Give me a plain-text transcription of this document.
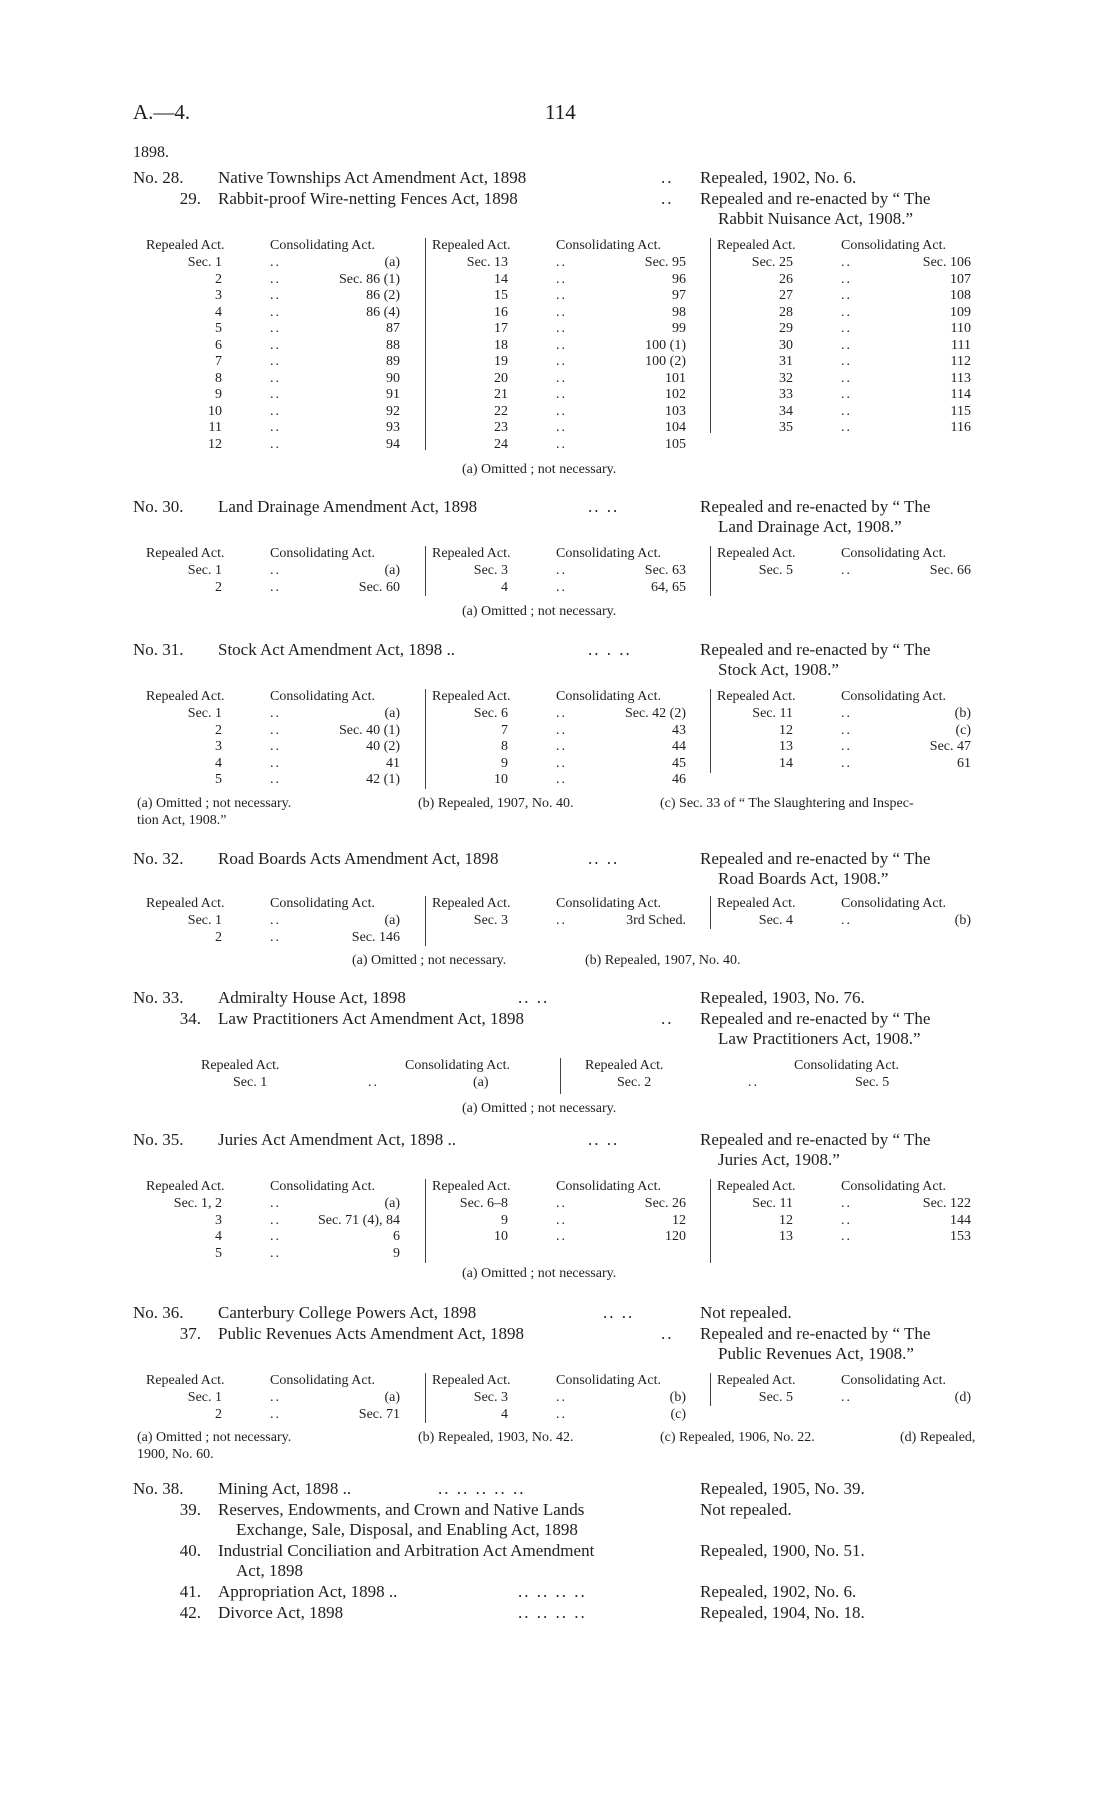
A.—4.	114
1898.
No. 28.	Native Townships Act Amendment Act, 1898	..	Repealed, 1902, No. 6.
29. Rabbit-proof Wire-netting Fences Act, 1898	..	Repealed and re-enacted by “ The
Rabbit Nuisance Act, 1908.”
Repealed Act.	Consolidating Act.
Sec. 1	..	(a)
2	..	Sec. 86 (1)
3	..	86 (2)
4	..	86 (4)
5	..	87
6	..	88
7	..	89
8	..	90
9	..	91
10	..	92
11	..	93
12	..	94
Repealed Act.	Consolidating Act.
Sec. 13	..	Sec. 95
14	..	96
15	..	97
16	..	98
17	..	99
18	..	100 (1)
19	..	100 (2)
20	..	101
21	..	102
22	..	103
23	..	104
24	..	105
Repealed Act.	Consolidating Act.
Sec. 25	..	Sec. 106
26	..	107
27	..	108
28	..	109
29	..	110
30	..	111
31	..	112
32	..	113
33	..	114
34	..	115
35	..	116
(a) Omitted ; not necessary.
No. 30.	Land Drainage Amendment Act, 1898	.. ..	Repealed and re-enacted by “ The
Land Drainage Act, 1908.”
Repealed Act.	Consolidating Act.
Sec. 1	..	(a)
2	..	Sec. 60
Repealed Act.	Consolidating Act.
Sec. 3	..	Sec. 63
4	..	64, 65
Repealed Act.	Consolidating Act.
Sec. 5	..	Sec. 66
(a) Omitted ; not necessary.
No. 31.	Stock Act Amendment Act, 1898 ..	.. . ..	Repealed and re-enacted by “ The
Stock Act, 1908.”
Repealed Act.	Consolidating Act.
Sec. 1	..	(a)
2	..	Sec. 40 (1)
3	..	40 (2)
4	..	41
5	..	42 (1)
Repealed Act.	Consolidating Act.
Sec. 6	..	Sec. 42 (2)
7	..	43
8	..	44
9	..	45
10	..	46
Repealed Act.	Consolidating Act.
Sec. 11	..	(b)
12	..	(c)
13	..	Sec. 47
14	..	61
(a) Omitted ; not necessary.	(b) Repealed, 1907, No. 40.	(c) Sec. 33 of “ The Slaughtering and Inspec-
tion Act, 1908.”
No. 32.	Road Boards Acts Amendment Act, 1898	.. ..	Repealed and re-enacted by “ The
Road Boards Act, 1908.”
Repealed Act.	Consolidating Act.
Sec. 1	..	(a)
2	..	Sec. 146
Repealed Act.	Consolidating Act.
Sec. 3	..	3rd Sched.
Repealed Act.	Consolidating Act.
Sec. 4	..	(b)
(a) Omitted ; not necessary.	(b) Repealed, 1907, No. 40.
No. 33.	Admiralty House Act, 1898	.. ..	Repealed, 1903, No. 76.
34. Law Practitioners Act Amendment Act, 1898	..	Repealed and re-enacted by “ The
Law Practitioners Act, 1908.”
Repealed Act.	Consolidating Act.
Sec. 1	..	(a)
Repealed Act.	Consolidating Act.
Sec. 2	..	Sec. 5
(a) Omitted ; not necessary.
No. 35.	Juries Act Amendment Act, 1898 ..	.. ..	Repealed and re-enacted by “ The
Juries Act, 1908.”
Repealed Act.	Consolidating Act.
Sec. 1, 2	..	(a)
3	..	Sec. 71 (4), 84
4	..	6
5	..	9
Repealed Act.	Consolidating Act.
Sec. 6–8	..	Sec. 26
9	..	12
10	..	120
Repealed Act.	Consolidating Act.
Sec. 11	..	Sec. 122
12	..	144
13	..	153
(a) Omitted ; not necessary.
No. 36.	Canterbury College Powers Act, 1898	.. ..	Not repealed.
37. Public Revenues Acts Amendment Act, 1898	..	Repealed and re-enacted by “ The
Public Revenues Act, 1908.”
Repealed Act.	Consolidating Act.
Sec. 1	..	(a)
2	..	Sec. 71
Repealed Act.	Consolidating Act.
Sec. 3	..	(b)
4	..	(c)
Repealed Act.	Consolidating Act.
Sec. 5	..	(d)
(a) Omitted ; not necessary.	(b) Repealed, 1903, No. 42.	(c) Repealed, 1906, No. 22.	(d) Repealed,
1900, No. 60.
No. 38.	Mining Act, 1898 ..	.. .. .. .. ..	Repealed, 1905, No. 39.
39. Reserves, Endowments, and Crown and Native Lands
Exchange, Sale, Disposal, and Enabling Act, 1898
Not repealed.
40. Industrial Conciliation and Arbitration Act Amendment
Act, 1898
Repealed, 1900, No. 51.
41. Appropriation Act, 1898 ..	.. .. .. ..	Repealed, 1902, No. 6.
42. Divorce Act, 1898	.. .. .. ..	Repealed, 1904, No. 18.
